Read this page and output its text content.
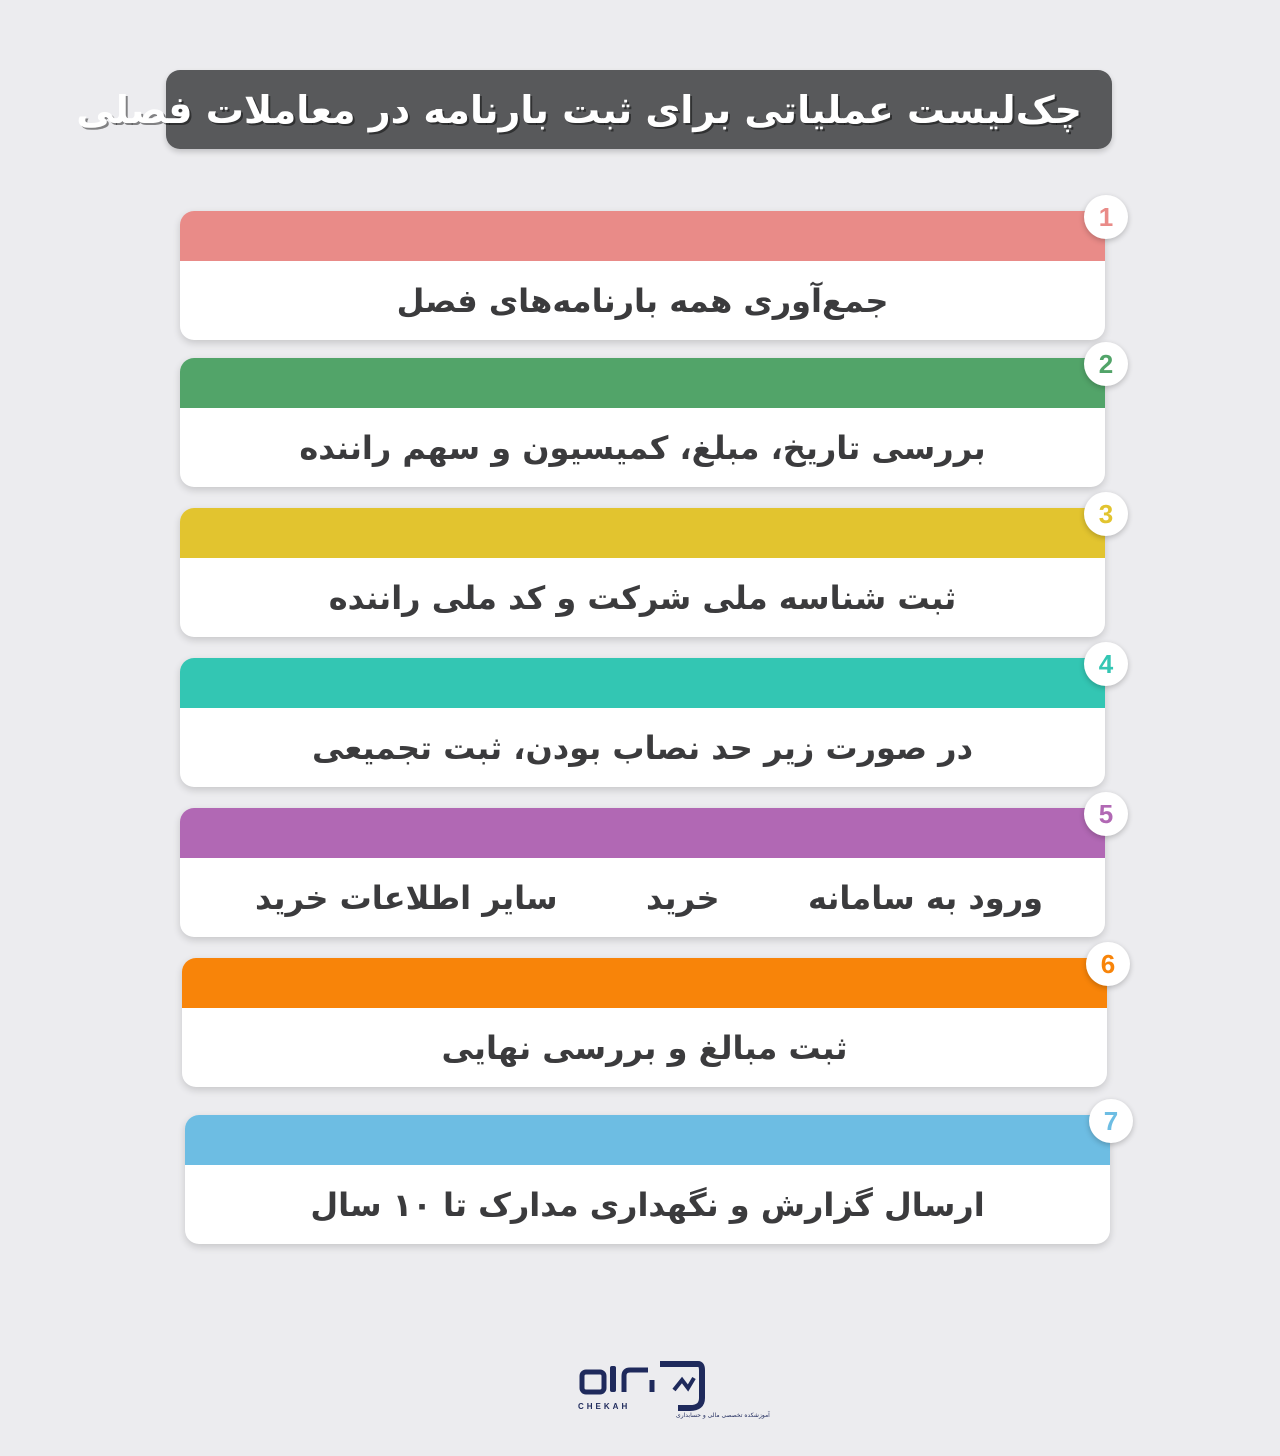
چک‌لیست عملیاتی برای ثبت بارنامه در معاملات فصلی
1
جمع‌آوری همه بارنامه‌های فصل
2
بررسی تاریخ، مبلغ، کمیسیون و سهم راننده
3
ثبت شناسه ملی شرکت و کد ملی راننده
4
در صورت زیر حد نصاب بودن، ثبت تجمیعی
5
ورود به سامانه
خرید
سایر اطلاعات خرید
6
ثبت مبالغ و بررسی نهایی
7
ارسال گزارش و نگهداری مدارک تا ۱۰ سال
CHEKAH
آموزشکده تخصصی مالی و حسابداری
